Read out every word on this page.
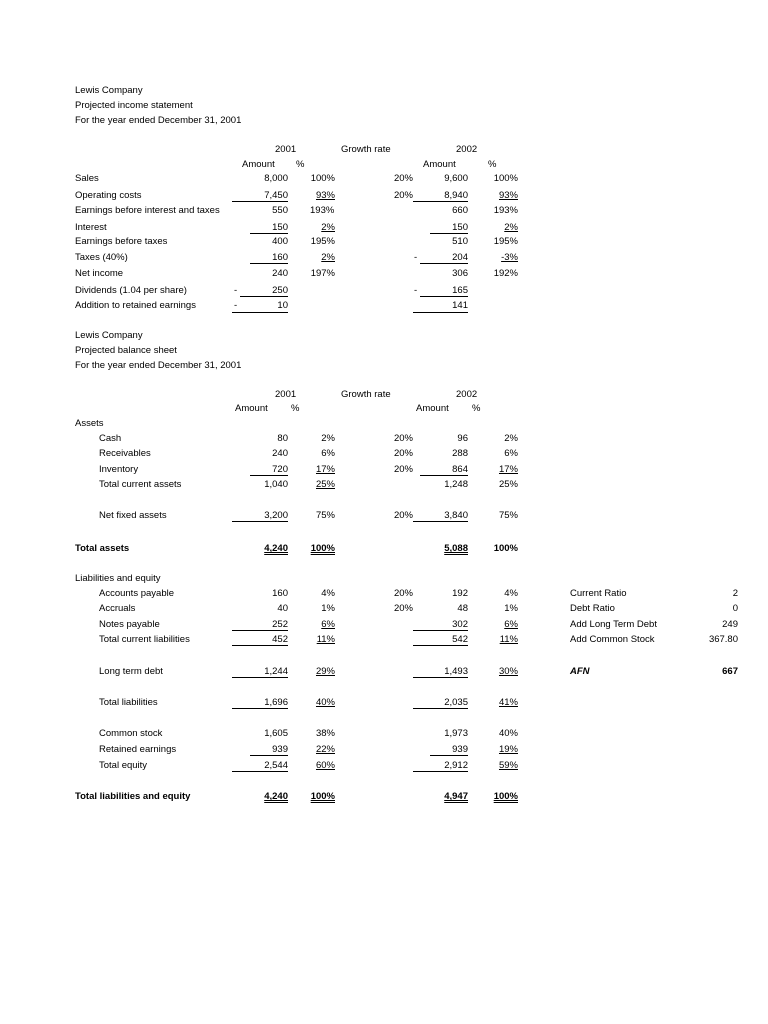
Lewis Company
Projected income statement
For the year ended December 31, 2001
2001	Growth rate	2002
Amount %	Amount	%
Sales	8,000	100%	20%	9,600	100%
Operating costs	7,450	93%	20%	8,940	93%
Earnings before interest and taxes	550 193%	660	193%
Interest	150	2%	150	2%
Earnings before taxes	400	195%	510	195%
Taxes (40%)	160	2%	-	204	-3%
Net income	240	197%	306	192%
Dividends (1.04 per share)	-	250	-	165
Addition to retained earnings	-	10	141
Lewis Company
Projected balance sheet
For the year ended December 31, 2001
2001	Growth rate	2002
Amount %	Amount %
Assets
Cash	80	2%	20%	96	2%
Receivables	240	6%	20%	288	6%
Inventory	720	17%	20%	864	17%
Total current assets	1,040	25%	1,248	25%
Net fixed assets	3,200	75%	20%	3,840	75%
Total assets	4,240	100%	5,088	100%
Liabilities and equity
Accounts payable	160	4%	20%	192	4%
Accruals	40	1%	20%	48	1%
Notes payable	252	6%	302	6%
Total current liabilities	452	11%	542	11%
Long term debt	1,244	29%	1,493	30%
Total liabilities	1,696	40%	2,035	41%
Common stock	1,605	38%	1,973	40%
Retained earnings	939	22%	939	19%
Total equity	2,544	60%	2,912	59%
Total liabilities and equity	4,240	100%	4,947	100%
Current Ratio	2
Debt Ratio	0
Add Long Term Debt	249
Add Common Stock	367.80
AFN	667
